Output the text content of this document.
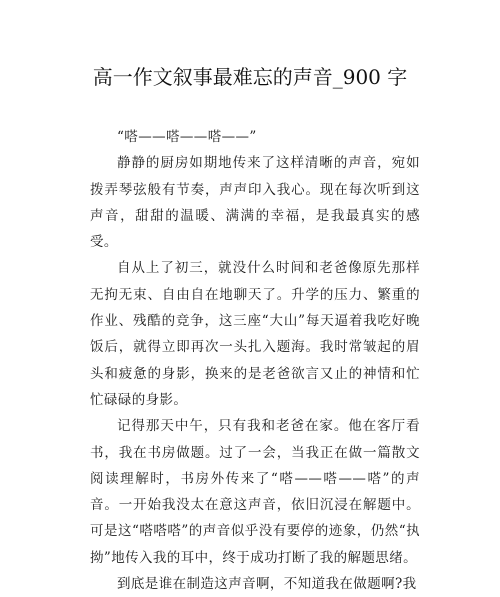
高一作文叙事最难忘的声音_900 字

“嗒——嗒——嗒——”

静静的厨房如期地传来了这样清晰的声音，宛如拨弄琴弦般有节奏，声声印入我心。现在每次听到这声音，甜甜的温暖、满满的幸福，是我最真实的感受。

自从上了初三，就没什么时间和老爸像原先那样无拘无束、自由自在地聊天了。升学的压力、繁重的作业、残酷的竞争，这三座“大山”每天逼着我吃好晚饭后，就得立即再次一头扎入题海。我时常皱起的眉头和疲惫的身影，换来的是老爸欲言又止的神情和忙忙碌碌的身影。

记得那天中午，只有我和老爸在家。他在客厅看书，我在书房做题。过了一会，当我正在做一篇散文阅读理解时，书房外传来了“嗒——嗒——嗒”的声音。一开始我没太在意这声音，依旧沉浸在解题中。可是这“嗒嗒嗒”的声音似乎没有要停的迹象，仍然“执拗”地传入我的耳中，终于成功打断了我的解题思绪。

到底是谁在制造这声音啊，不知道我在做题啊?我
